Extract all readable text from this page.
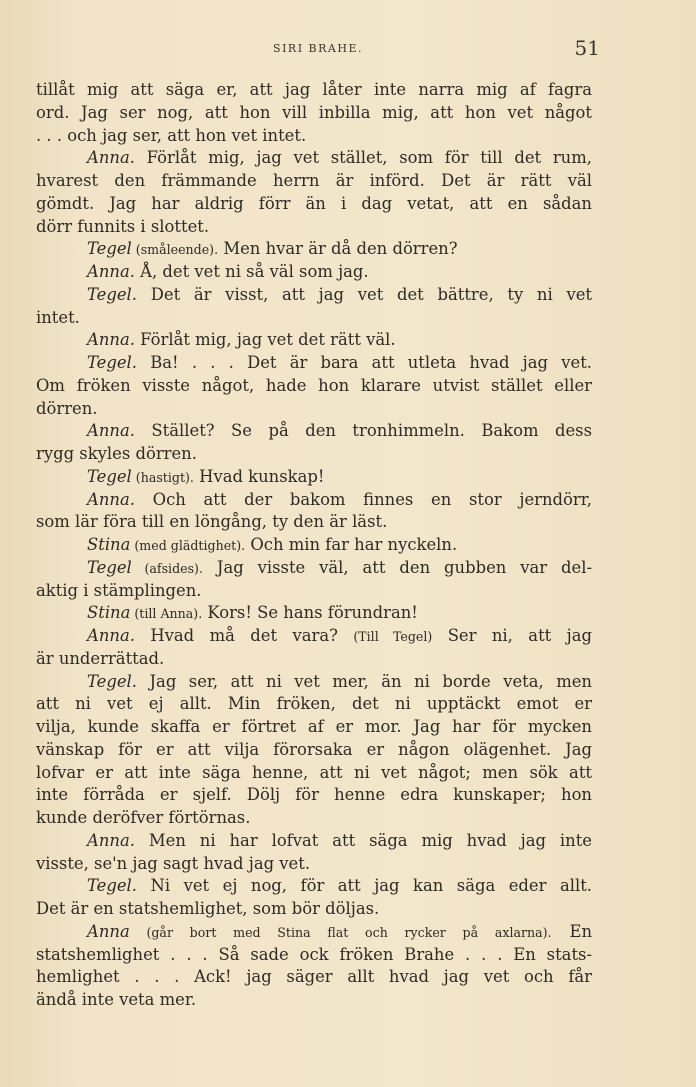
SIRI BRAHE.	51
tillåt mig att säga er, att jag låter inte narra mig af fagra
ord. Jag ser nog, att hon vill inbilla mig, att hon vet något
. . . och jag ser, att hon vet intet.
Anna. Förlåt mig, jag vet stället, som för till det rum,
hvarest den främmande herrn är införd. Det är rätt väl
gömdt. Jag har aldrig förr än i dag vetat, att en sådan
dörr funnits i slottet.
Tegel (småleende). Men hvar är då den dörren?
Anna. Å, det vet ni så väl som jag.
Tegel. Det är visst, att jag vet det bättre, ty ni vet
intet.
Anna. Förlåt mig, jag vet det rätt väl.
Tegel. Ba! . . . Det är bara att utleta hvad jag vet.
Om fröken visste något, hade hon klarare utvist stället eller
dörren.
Anna. Stället? Se på den tronhimmeln. Bakom dess
rygg skyles dörren.
Tegel (hastigt). Hvad kunskap!
Anna. Och att der bakom finnes en stor jerndörr,
som lär föra till en löngång, ty den är läst.
Stina (med glädtighet). Och min far har nyckeln.
Tegel (afsides). Jag visste väl, att den gubben var del-
aktig i stämplingen.
Stina (till Anna). Kors! Se hans förundran!
Anna. Hvad må det vara? (Till Tegel) Ser ni, att jag
är underrättad.
Tegel. Jag ser, att ni vet mer, än ni borde veta, men
att ni vet ej allt. Min fröken, det ni upptäckt emot er
vilja, kunde skaffa er förtret af er mor. Jag har för mycken
vänskap för er att vilja förorsaka er någon olägenhet. Jag
lofvar er att inte säga henne, att ni vet något; men sök att
inte förråda er sjelf. Dölj för henne edra kunskaper; hon
kunde deröfver förtörnas.
Anna. Men ni har lofvat att säga mig hvad jag inte
visste, se'n jag sagt hvad jag vet.
Tegel. Ni vet ej nog, för att jag kan säga eder allt.
Det är en statshemlighet, som bör döljas.
Anna (går bort med Stina flat och rycker på axlarna). En
statshemlighet . . . Så sade ock fröken Brahe . . . En stats-
hemlighet . . . Ack! jag säger allt hvad jag vet och får
ändå inte veta mer.
